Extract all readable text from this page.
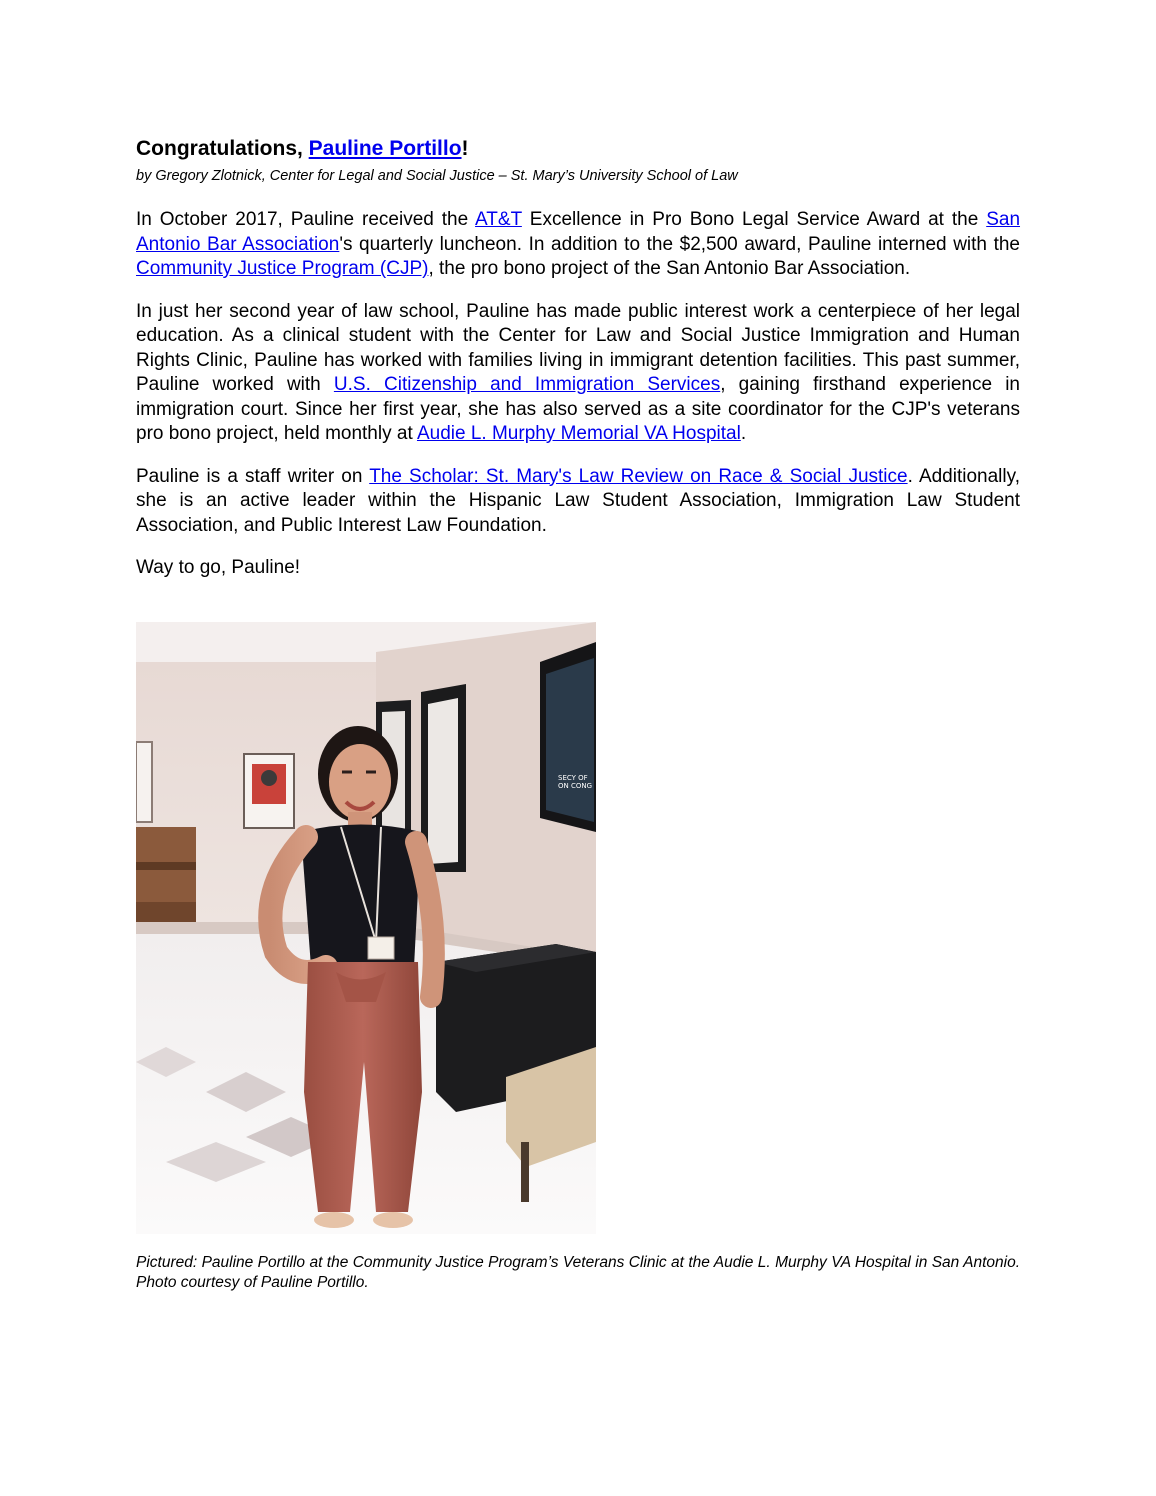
Congratulations, Pauline Portillo!

by Gregory Zlotnick, Center for Legal and Social Justice – St. Mary’s University School of Law

In October 2017, Pauline received the AT&T Excellence in Pro Bono Legal Service Award at the San Antonio Bar Association's quarterly luncheon. In addition to the $2,500 award, Pauline interned with the Community Justice Program (CJP), the pro bono project of the San Antonio Bar Association.

In just her second year of law school, Pauline has made public interest work a centerpiece of her legal education. As a clinical student with the Center for Law and Social Justice Immigration and Human Rights Clinic, Pauline has worked with families living in immigrant detention facilities. This past summer, Pauline worked with U.S. Citizenship and Immigration Services, gaining firsthand experience in immigration court. Since her first year, she has also served as a site coordinator for the CJP's veterans pro bono project, held monthly at Audie L. Murphy Memorial VA Hospital.

Pauline is a staff writer on The Scholar: St. Mary's Law Review on Race & Social Justice. Additionally, she is an active leader within the Hispanic Law Student Association, Immigration Law Student Association, and Public Interest Law Foundation.

Way to go, Pauline!

SECY OF
ON CONG

Pictured: Pauline Portillo at the Community Justice Program’s Veterans Clinic at the Audie L. Murphy VA Hospital in San Antonio. Photo courtesy of Pauline Portillo.
